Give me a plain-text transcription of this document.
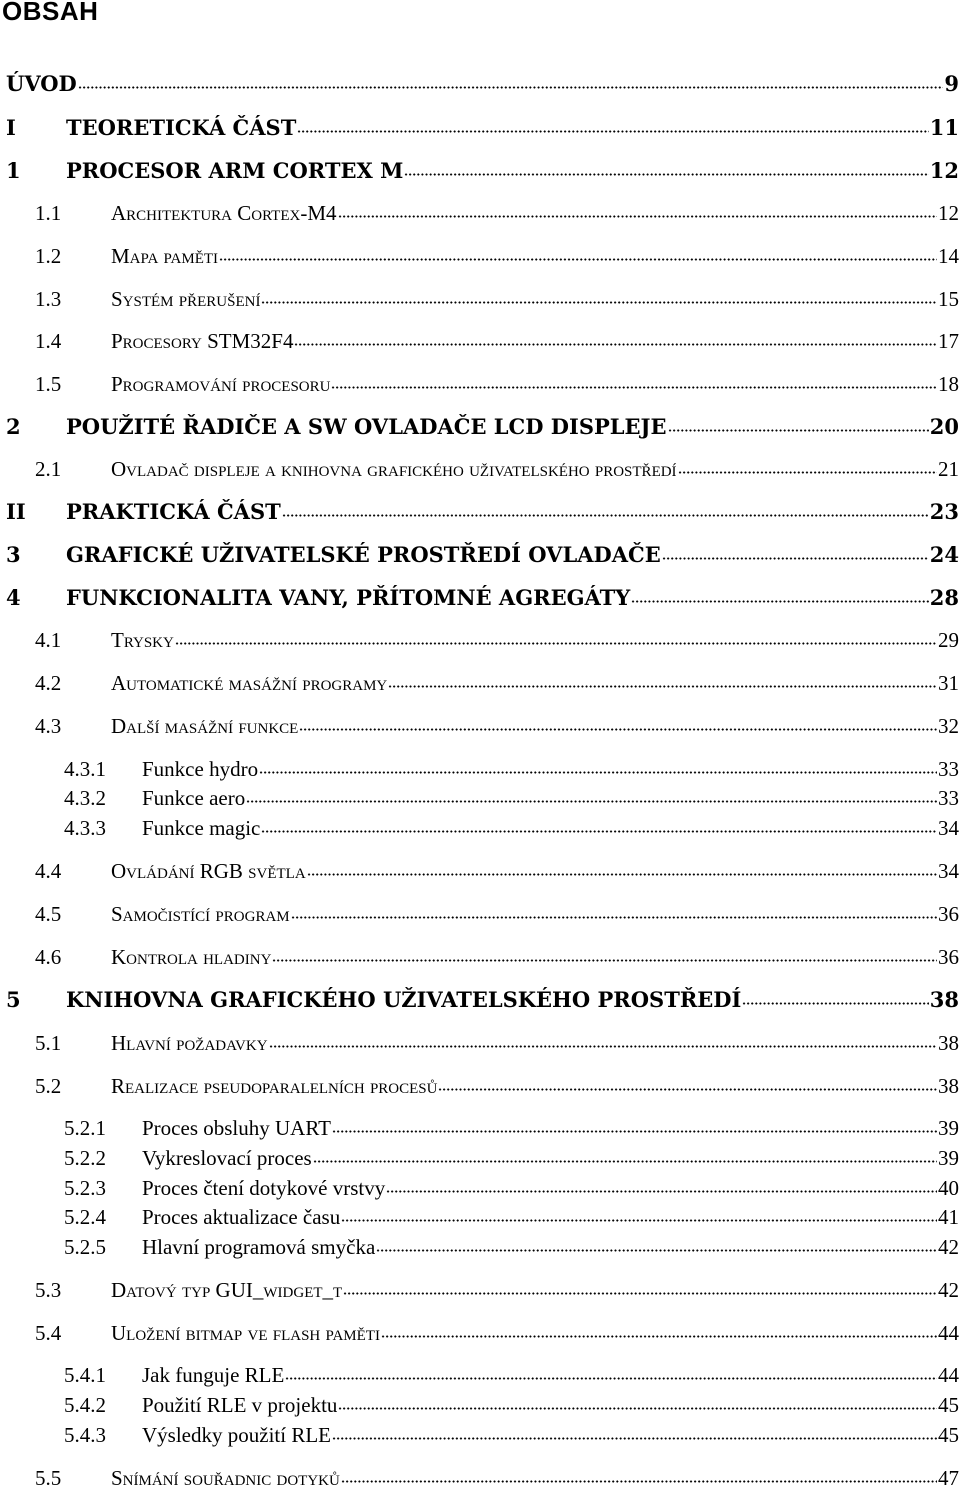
OBSAH
ÚVOD	9
I	TEORETICKÁ ČÁST	11
1	PROCESOR ARM CORTEX M	12
1.1	Architektura Cortex-M4	12
1.2	Mapa paměti	14
1.3	Systém přerušení	15
1.4	Procesory STM32F4	17
1.5	Programování procesoru	18
2	POUŽITÉ ŘADIČE A SW OVLADAČE LCD DISPLEJE	20
2.1	Ovladač displeje a knihovna grafického uživatelského prostředí	21
II	PRAKTICKÁ ČÁST	23
3	GRAFICKÉ UŽIVATELSKÉ PROSTŘEDÍ OVLADAČE	24
4	FUNKCIONALITA VANY, PŘÍTOMNÉ AGREGÁTY	28
4.1	Trysky	29
4.2	Automatické masážní programy	31
4.3	Další masážní funkce	32
4.3.1	Funkce hydro	33
4.3.2	Funkce aero	33
4.3.3	Funkce magic	34
4.4	Ovládání RGB světla	34
4.5	Samočistící program	36
4.6	Kontrola hladiny	36
5	KNIHOVNA GRAFICKÉHO UŽIVATELSKÉHO PROSTŘEDÍ	38
5.1	Hlavní požadavky	38
5.2	Realizace pseudoparalelních procesů	38
5.2.1	Proces obsluhy UART	39
5.2.2	Vykreslovací proces	39
5.2.3	Proces čtení dotykové vrstvy	40
5.2.4	Proces aktualizace času	41
5.2.5	Hlavní programová smyčka	42
5.3	Datový typ GUI_widget_t	42
5.4	Uložení bitmap ve flash paměti	44
5.4.1	Jak funguje RLE	44
5.4.2	Použití RLE v projektu	45
5.4.3	Výsledky použití RLE	45
5.5	Snímání souřadnic dotyků	47
